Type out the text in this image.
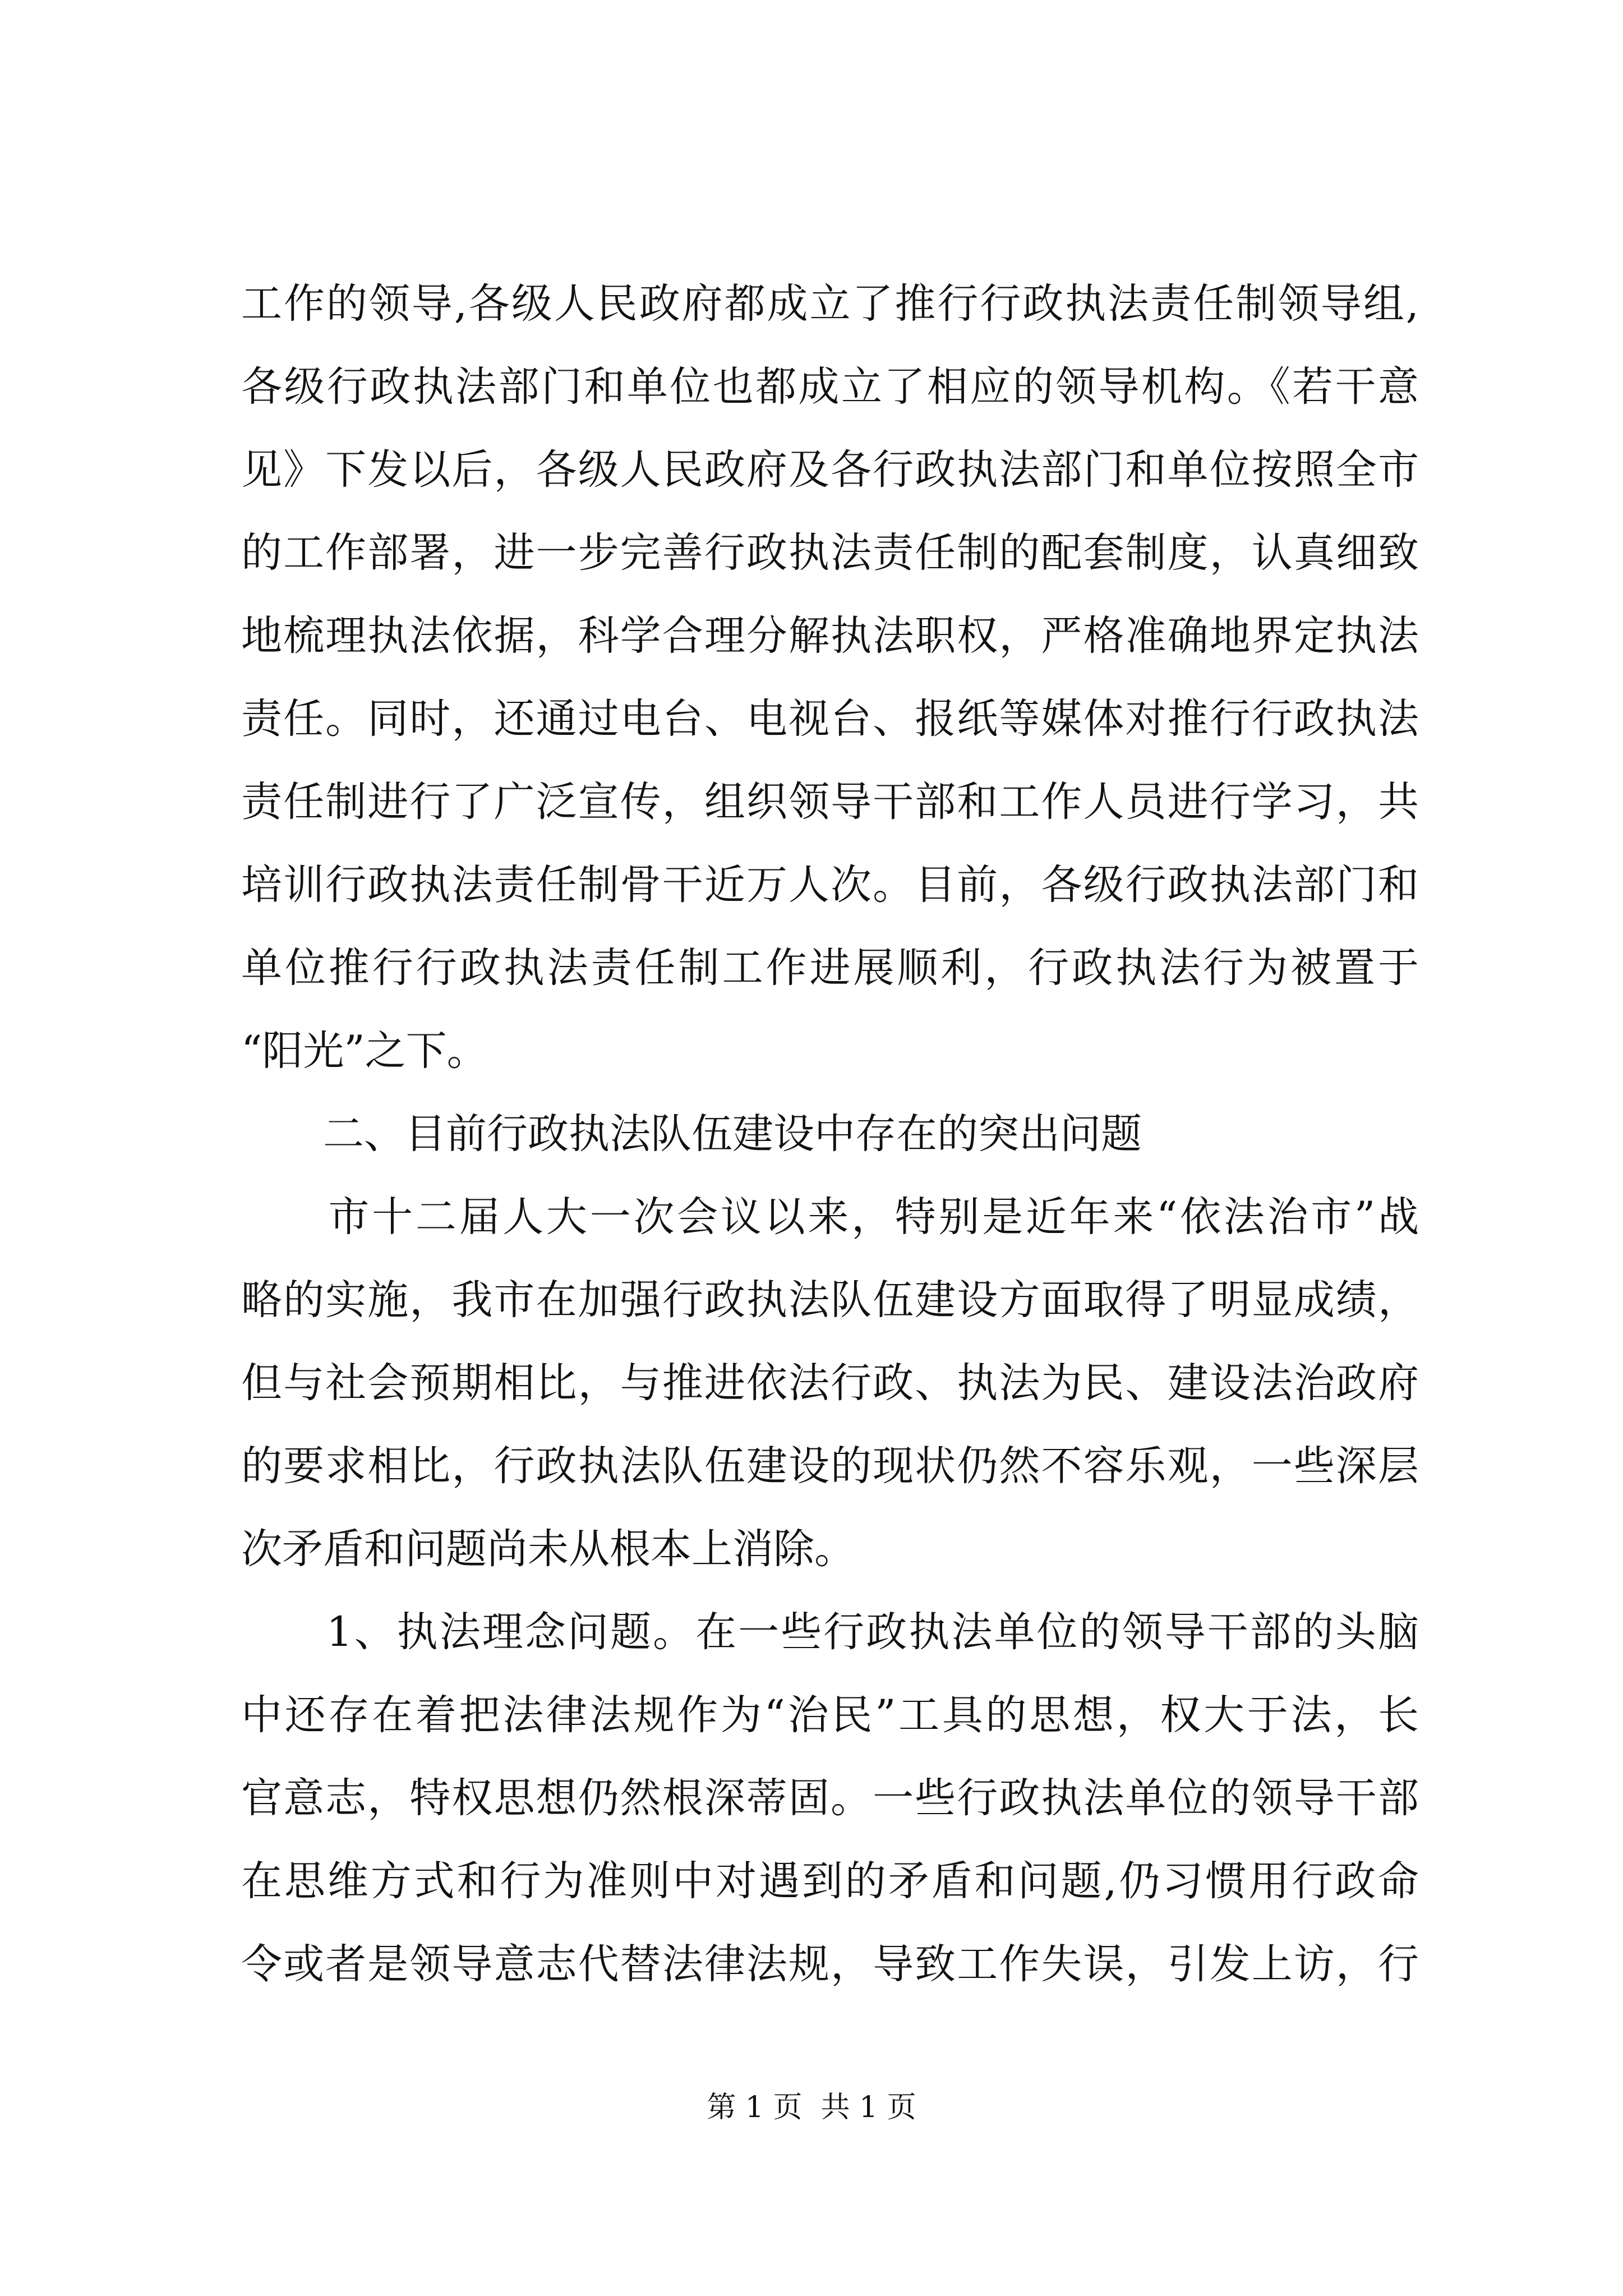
工作的领导,各级人民政府都成立了推行行政执法责任制领导组,
各级行政执法部门和单位也都成立了相应的领导机构。《若干意
见》下发以后，各级人民政府及各行政执法部门和单位按照全市
的工作部署，进一步完善行政执法责任制的配套制度，认真细致
地梳理执法依据，科学合理分解执法职权，严格准确地界定执法
责任。同时，还通过电台、电视台、报纸等媒体对推行行政执法
责任制进行了广泛宣传，组织领导干部和工作人员进行学习，共
培训行政执法责任制骨干近万人次。目前，各级行政执法部门和
单位推行行政执法责任制工作进展顺利，行政执法行为被置于
“阳光”之下。
　　二、目前行政执法队伍建设中存在的突出问题
　　市十二届人大一次会议以来，特别是近年来“依法治市”战
略的实施，我市在加强行政执法队伍建设方面取得了明显成绩，
但与社会预期相比，与推进依法行政、执法为民、建设法治政府
的要求相比，行政执法队伍建设的现状仍然不容乐观，一些深层
次矛盾和问题尚未从根本上消除。
　　1、执法理念问题。在一些行政执法单位的领导干部的头脑
中还存在着把法律法规作为“治民”工具的思想，权大于法，长
官意志，特权思想仍然根深蒂固。一些行政执法单位的领导干部
在思维方式和行为准则中对遇到的矛盾和问题,仍习惯用行政命
令或者是领导意志代替法律法规，导致工作失误，引发上访，行
第 1 页  共 1 页
